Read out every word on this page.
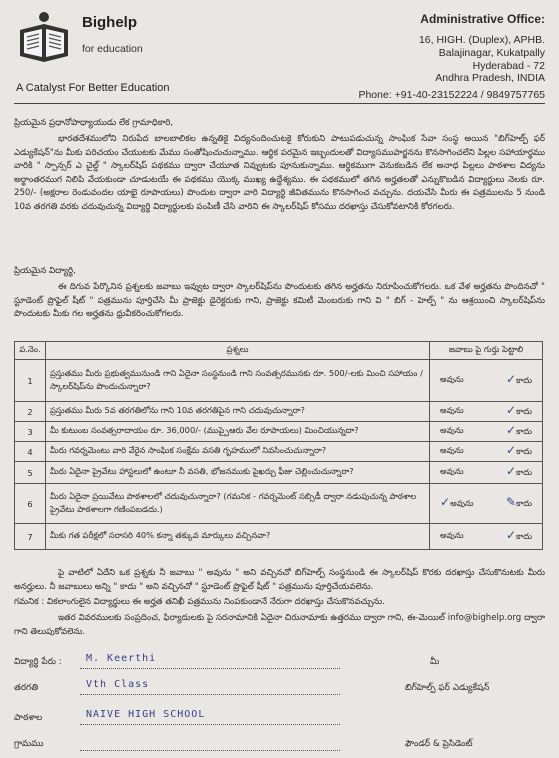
Bighelp
for education
A Catalyst For Better Education
Administrative Office:
16, HIGH. (Duplex), APHB.
Balajinagar, Kukatpally
Hyderabad - 72
Andhra Pradesh, INDIA
Phone: +91-40-23152224 / 9849757765
ప్రియమైన ప్రధానోపాధ్యాయుడు లేక గ్రామాధికారి,
భారతదేశములోని నిరుపేద బాలబాలికల ఉన్నతికై విద్యనందించుటకై కోరుకుని పాటుపడుచున్న సాంఘిక సేవా సంస్థ అయిన "బిగ్‌హెల్ప్ ఫర్ ఎడ్యుకేషన్"ను మీకు పరిచయం చేయుటకు మేము సంతోషించుచున్నాము. ఆర్థిక పరమైన ఇబ్బందులతో విద్యాసముపార్జనను కొనసాగించలేని పిల్లల సహాయార్థము వారికి " స్పాన్సర్ ఎ చైల్డ్ " స్కాలర్‌షిప్ పథకము ద్వారా చేయూత నివ్వుటకు పూనుకున్నాము. ఆర్థికముగా వెనుకబడిన లేక అనాధ పిల్లలు పాఠశాల విద్యను అర్థాంతరముగ నిలిపి వేయకుండా చూడుటయే ఈ పథకము యొక్క ముఖ్య ఉద్దేశ్యము. ఈ పథకములో తగిన అర్హతలతో ఎన్నుకొబడిన విద్యార్థులు నెలకు రూ. 250/- (అక్షరాల రెండువందల యాభై రూపాయలు) పొందుట ద్వారా వారి విద్యార్థి జీవితమును కొనసాగించ వచ్చును. దయచేసి మీరు ఈ పత్రములను 5 నుండి 10వ తరగతి వరకు చదువుచున్న విద్యార్థి విద్యార్థులకు పంపిణీ చేసి వారిని ఈ స్కాలర్‌షిప్ కోసము దరఖాస్తు చేసుకోవటానికి కోరగలరు.
ప్రియమైన విద్యార్థి,
ఈ దిగువ పేర్కొనిన ప్రశ్నలకు జవాబు ఇవ్వుట ద్వారా స్కాలర్‌షిప్‌ను పొందుటకు తగిన అర్హతను నిరూపించుకోగలరు. ఒక వేళ అర్హతను పొందినచో " స్టూడెంట్ ప్రొఫైల్ షీట్ " పత్రమును పూర్తిచేసి మీ ప్రాజెక్టు డైరెక్టరుకు గాని, ప్రాజెక్టు కమిటీ మెంబరుకు గాని వి " బిగ్ - హెల్ప్ " ను ఆశ్రయించి స్కాలర్‌షిప్‌ను పొందుటకు మీకు గల అర్హతను ధ్రువీకరించుకోగలరు.
ప.నెం.	ప్రశ్నలు	జవాబు పై గుర్తు పెట్టాలి
1	ప్రస్తుతము మీరు ప్రభుత్వమునుండి గాని ఏదైనా సంస్థనుండి గాని సంవత్సరమునకు రూ. 500/-లకు మించి సహాయం / స్కాలర్‌షిప్‌ను పొందుచున్నారా?	అవును ✓కాదు

2	ప్రస్తుతము మీరు 5వ తరగతిలోను గాని 10వ తరగతిపైన గాని చదువుచున్నారా?	అవును ✓కాదు

3	మీ కుటుంబ సంవత్సరాదాయం రూ. 36,000/- (ముప్పైఆరు వేల రూపాయలు) మించియున్నదా?	అవును ✓కాదు

4	మీరు గవర్నమెంటు వారి వేరైన సాంఘిక సంక్షేమ వసతి గృహములో నివసించుచున్నారా?	అవును ✓కాదు

5	మీరు ఏదైనా ప్రైవేటు హాస్టలులో ఉంటూ నీ వసతి, భోజనముకు పైఖర్చు ఫీజు చెల్లించుచున్నారా?	అవును ✓కాదు

6	మీరు ఏదైనా ప్రయివేటు పాఠశాలలో చదువుచున్నారా? (గమనిక - గవర్నమెంట్ సబ్సిడీ ద్వారా నడుపుచున్న పాఠశాల ప్రైవేటు పాఠశాలగా గణింపబడదు.)	✓అవును ✎కాదు

7	మీకు గత పరీక్షలో సరాసరి 40% కన్నా తక్కువ మార్కులు వచ్చినవా?	అవును ✓కాదు
పై వాటిలో ఏదేని ఒక ప్రశ్నకు నీ జవాబు " అవును " అని వచ్చినచో బిగ్‌హెల్ప్ సంస్థనుండి ఈ స్కాలర్‌షిప్ కొరకు దరఖాస్తు చేసుకొనుటకు మీరు అనర్హులు. నీ జవాబులు అన్ని " కాదు " అని వచ్చినచో " స్టూడెంట్ ప్రొఫైల్ షీట్ " పత్రమును పూర్తిచేయవలెను.
గమనిక : వికలాంగులైన విద్యార్థులు ఈ అర్హత తనిఖీ పత్రమును నింపకుండానే నేరుగా దరఖాస్తు చేసుకొనవచ్చును.
ఇతర వివరములకు సంప్రదించ, ఫిర్యాదులకు పై సరనామానికి ఏదైనా చిరునామాకు ఉత్తరము ద్వారా గాని, ఈ-మెయిల్ info@bighelp.org ద్వారా గాని తెలుపుకోవలెను.
విద్యార్థి పేరు : M. Keerthi
తరగతి	Vth Class
పాఠశాల	NAIVE HIGH SCHOOL
గ్రామము
మీ
బిగ్‌హెల్ప్ ఫర్ ఎడ్యుకేషన్
ఫౌండర్ & ప్రెసిడెంట్
